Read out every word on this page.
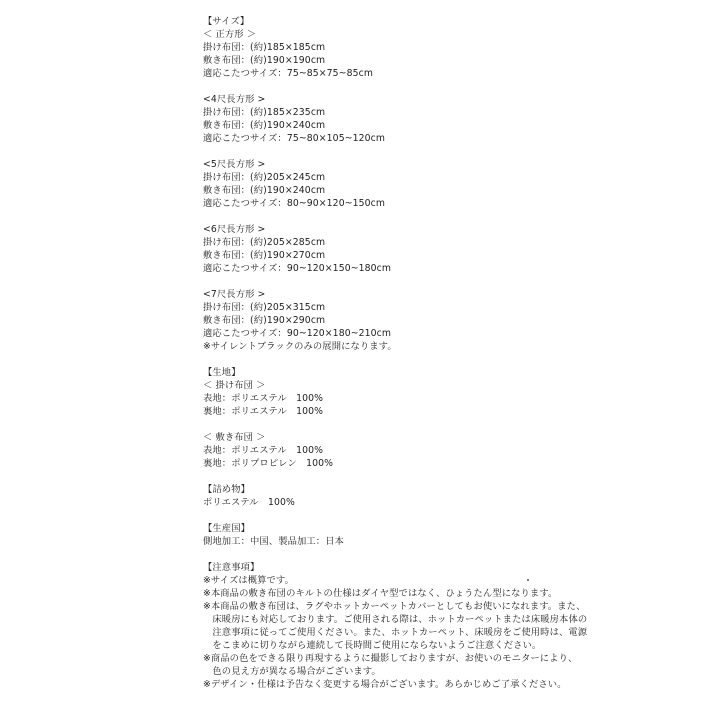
【サイズ】
＜ 正方形 ＞
掛け布団：(約)185×185cm
敷き布団：(約)190×190cm
適応こたつサイズ：75~85×75~85cm
<4尺長方形 >
掛け布団：(約)185×235cm
敷き布団：(約)190×240cm
適応こたつサイズ：75~80×105~120cm
<5尺長方形 >
掛け布団：(約)205×245cm
敷き布団：(約)190×240cm
適応こたつサイズ：80~90×120~150cm
<6尺長方形 >
掛け布団：(約)205×285cm
敷き布団：(約)190×270cm
適応こたつサイズ：90~120×150~180cm
<7尺長方形 >
掛け布団：(約)205×315cm
敷き布団：(約)190×290cm
適応こたつサイズ：90~120×180~210cm
※サイレントブラックのみの展開になります。
【生地】
＜ 掛け布団 ＞
表地：ポリエステル　100%
裏地：ポリエステル　100%
＜ 敷き布団 ＞
表地：ポリエステル　100%
裏地：ポリプロピレン　100%
【詰め物】
ポリエステル　100%
【生産国】
側地加工：中国、製品加工：日本
【注意事項】
※サイズは概算です。
※本商品の敷き布団のキルトの仕様はダイヤ型ではなく、ひょうたん型になります。
※本商品の敷き布団は、ラグやホットカーペットカバーとしてもお使いになれます。また、
　床暖房にも対応しております。ご使用される際は、ホットカーペットまたは床暖房本体の
　注意事項に従ってご使用ください。また、ホットカーペット、床暖房をご使用時は、電源
　をこまめに切りながら連続して長時間ご使用にならないようご注意ください。
※商品の色をできる限り再現するように撮影しておりますが、お使いのモニターにより、
　色の見え方が異なる場合がございます。
※デザイン・仕様は予告なく変更する場合がございます。あらかじめご了承ください。
